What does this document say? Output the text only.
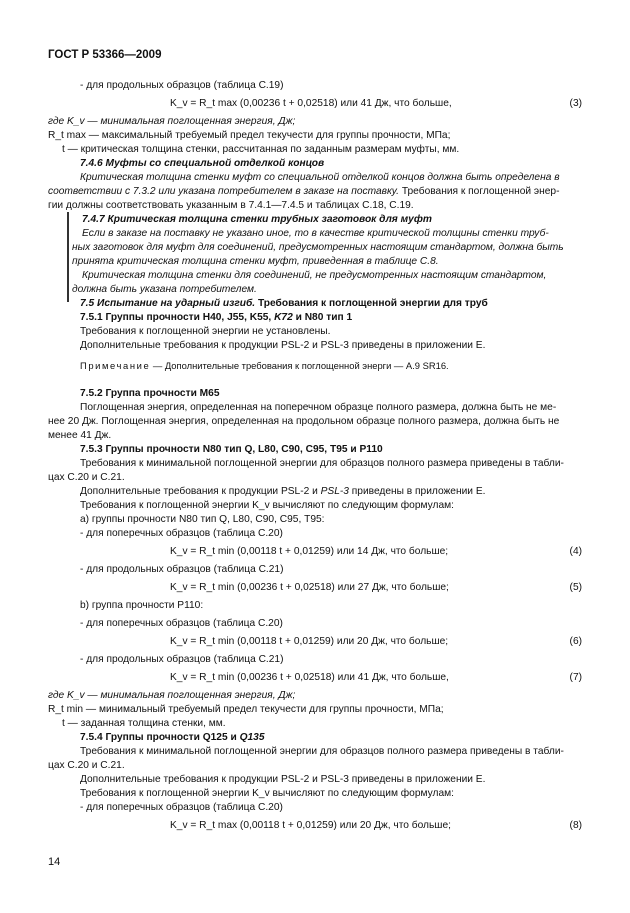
ГОСТ Р 53366—2009
- для продольных образцов (таблица С.19)
K_v = R_t max (0,00236 t + 0,02518) или 41 Дж, что больше,	(3)
где K_v — минимальная поглощенная энергия, Дж;
R_t max — максимальный требуемый предел текучести для группы прочности, МПа;
t — критическая толщина стенки, рассчитанная по заданным размерам муфты, мм.
7.4.6 Муфты со специальной отделкой концов
Критическая толщина стенки муфт со специальной отделкой концов должна быть определена в
соответствии с 7.3.2 или указана потребителем в заказе на поставку. Требования к поглощенной энер-
гии должны соответствовать указанным в 7.4.1—7.4.5 и таблицах С.18, С.19.
7.4.7 Критическая толщина стенки трубных заготовок для муфт
Если в заказе на поставку не указано иное, то в качестве критической толщины стенки труб-
ных заготовок для муфт для соединений, предусмотренных настоящим стандартом, должна быть
принята критическая толщина стенки муфт, приведенная в таблице С.8.
Критическая толщина стенки для соединений, не предусмотренных настоящим стандартом,
должна быть указана потребителем.
7.5 Испытание на ударный изгиб. Требования к поглощенной энергии для труб
7.5.1 Группы прочности Н40, J55, K55, K72 и N80 тип 1
Требования к поглощенной энергии не установлены.
Дополнительные требования к продукции PSL-2 и PSL-3 приведены в приложении Е.
Примечание — Дополнительные требования к поглощенной энерги — А.9 SR16.
7.5.2 Группа прочности М65
Поглощенная энергия, определенная на поперечном образце полного размера, должна быть не ме-
нее 20 Дж. Поглощенная энергия, определенная на продольном образце полного размера, должна быть не
менее 41 Дж.
7.5.3 Группы прочности N80 тип Q, L80, С90, С95, Т95 и Р110
Требования к минимальной поглощенной энергии для образцов полного размера приведены в табли-
цах С.20 и С.21.
Дополнительные требования к продукции PSL-2 и PSL-3 приведены в приложении Е.
Требования к поглощенной энергии K_v вычисляют по следующим формулам:
а) группы прочности N80 тип Q, L80, С90, С95, Т95:
- для поперечных образцов (таблица С.20)
K_v = R_t min (0,00118 t + 0,01259) или 14 Дж, что больше;	(4)
- для продольных образцов (таблица С.21)
K_v = R_t min (0,00236 t + 0,02518) или 27 Дж, что больше;	(5)
b) группа прочности Р110:
- для поперечных образцов (таблица С.20)
K_v = R_t min (0,00118 t + 0,01259) или 20 Дж, что больше;	(6)
- для продольных образцов (таблица С.21)
K_v = R_t min (0,00236 t + 0,02518) или 41 Дж, что больше,	(7)
где K_v — минимальная поглощенная энергия, Дж;
R_t min — минимальный требуемый предел текучести для группы прочности, МПа;
t — заданная толщина стенки, мм.
7.5.4 Группы прочности Q125 и Q135
Требования к минимальной поглощенной энергии для образцов полного размера приведены в табли-
цах С.20 и С.21.
Дополнительные требования к продукции PSL-2 и PSL-3 приведены в приложении Е.
Требования к поглощенной энергии K_v вычисляют по следующим формулам:
- для поперечных образцов (таблица С.20)
K_v = R_t max (0,00118 t + 0,01259) или 20 Дж, что больше;	(8)
14
